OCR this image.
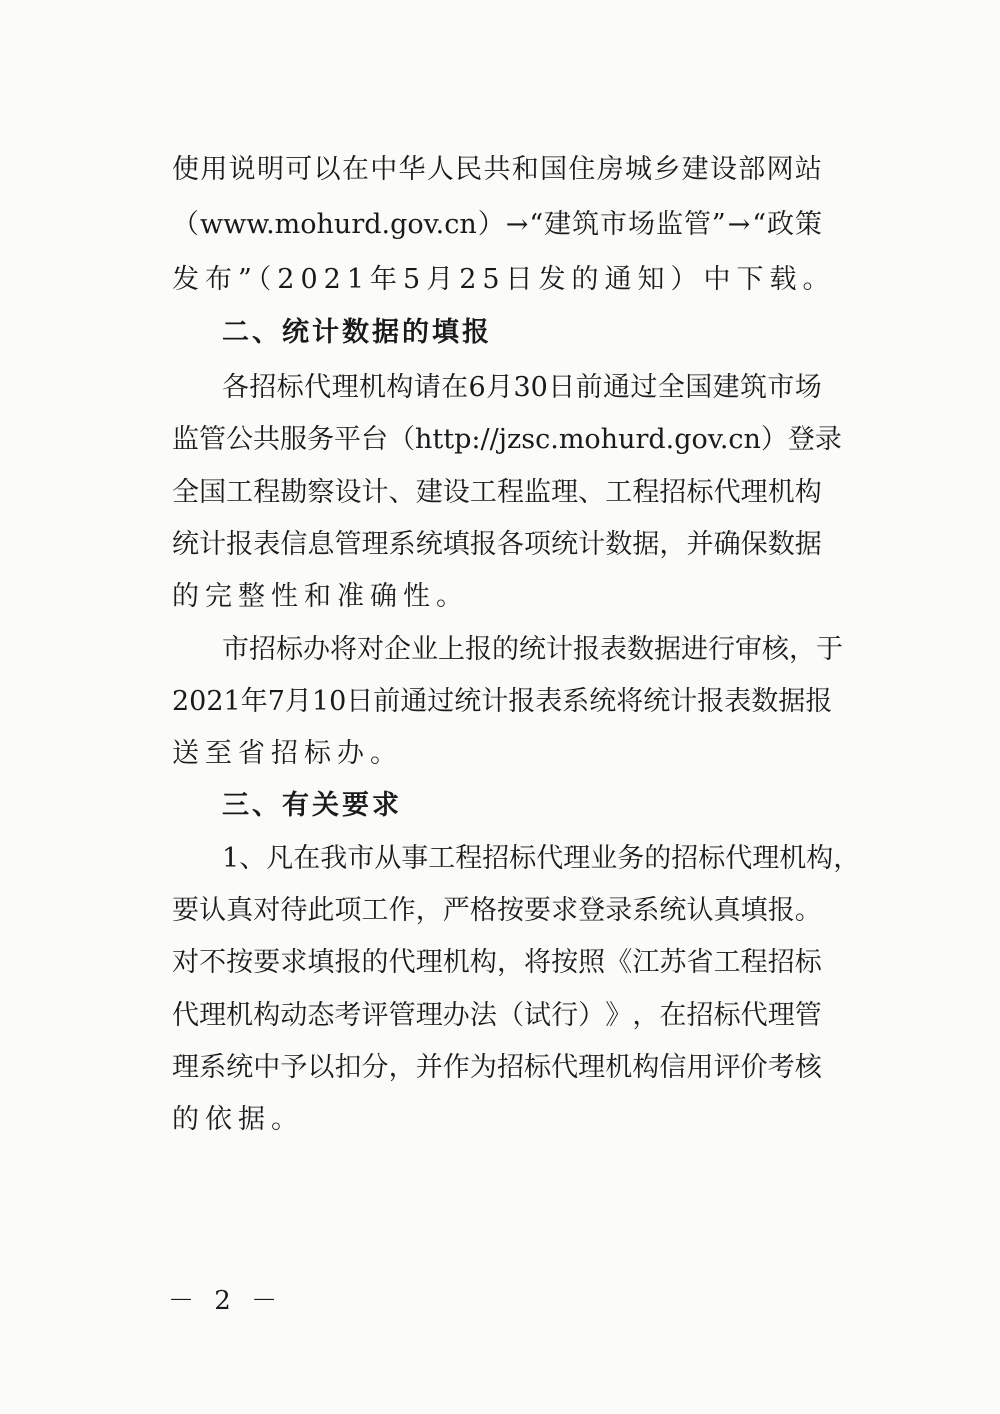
使 用 说 明 可 以 在 中 华 人 民 共 和 国 住 房 城 乡 建 设 部 网 站
（ www.mohurd.gov.cn ） → “ 建 筑 市 场 监 管 ” → “ 政 策
发布”（2021年5月25日发的通知）中下载。
二、统计数据的填报
各 招 标 代 理 机 构 请 在 6 月 30 日 前 通 过 全 国 建 筑 市 场
监 管 公 共 服 务 平 台 （ http://jzsc.mohurd.gov.cn ） 登 录
全 国 工 程 勘 察 设 计 、 建 设 工 程 监 理 、 工 程 招 标 代 理 机 构
统 计 报 表 信 息 管 理 系 统 填 报 各 项 统 计 数 据 ， 并 确 保 数 据
的完整性和准确性。
市 招 标 办 将 对 企 业 上 报 的 统 计 报 表 数 据 进 行 审 核 ， 于
2021 年 7 月 10 日 前 通 过 统 计 报 表 系 统 将 统 计 报 表 数 据 报
送至省招标办。
三、有关要求
1 、 凡 在 我 市 从 事 工 程 招 标 代 理 业 务 的 招 标 代 理 机 构 ，
要 认 真 对 待 此 项 工 作 ， 严 格 按 要 求 登 录 系 统 认 真 填 报 。
对 不 按 要 求 填 报 的 代 理 机 构 ， 将 按 照 《 江 苏 省 工 程 招 标
代 理 机 构 动 态 考 评 管 理 办 法 （ 试 行 ） 》 ， 在 招 标 代 理 管
理 系 统 中 予 以 扣 分 ， 并 作 为 招 标 代 理 机 构 信 用 评 价 考 核
的依据。
－ 2 －
